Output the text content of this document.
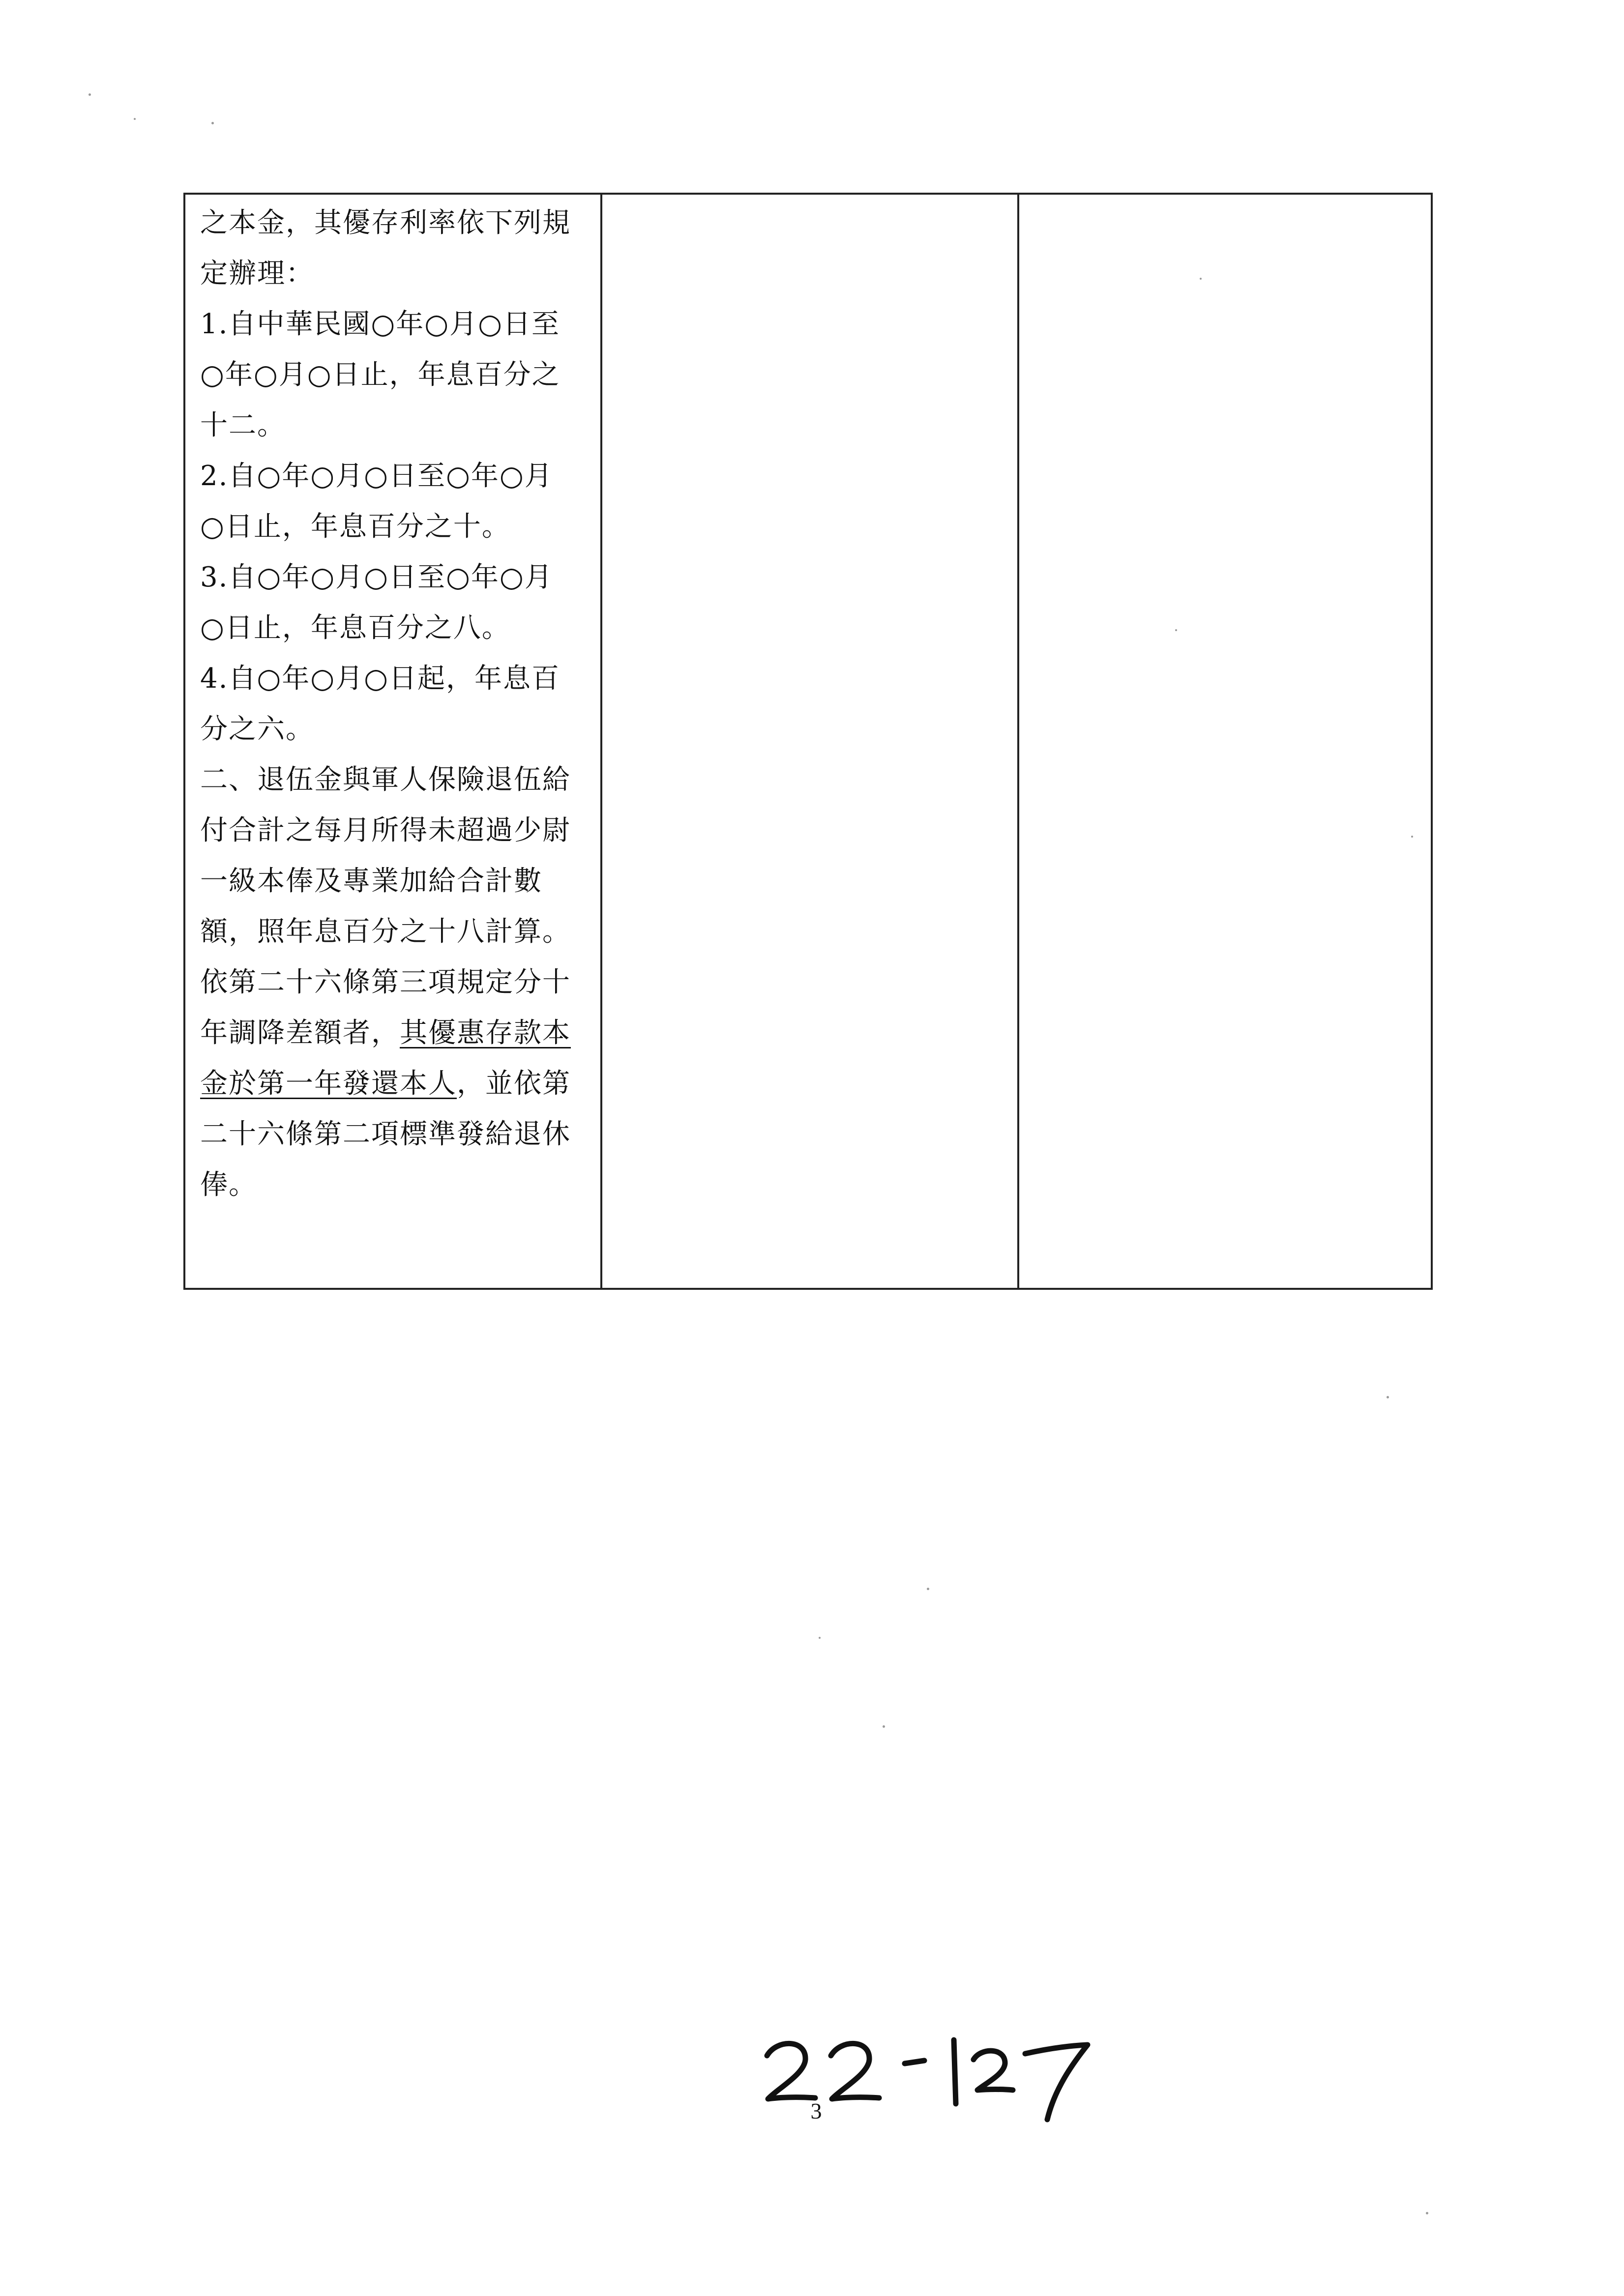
之本金，其優存利率依下列規
定辦理：
1.自中華民國○年○月○日至
○年○月○日止，年息百分之
十二。
2.自○年○月○日至○年○月
○日止，年息百分之十。
3.自○年○月○日至○年○月
○日止，年息百分之八。
4.自○年○月○日起，年息百
分之六。
二、退伍金與軍人保險退伍給
付合計之每月所得未超過少尉
一級本俸及專業加給合計數
額，照年息百分之十八計算。
依第二十六條第三項規定分十
年調降差額者，其優惠存款本
金於第一年發還本人，並依第
二十六條第二項標準發給退休
俸。
3
